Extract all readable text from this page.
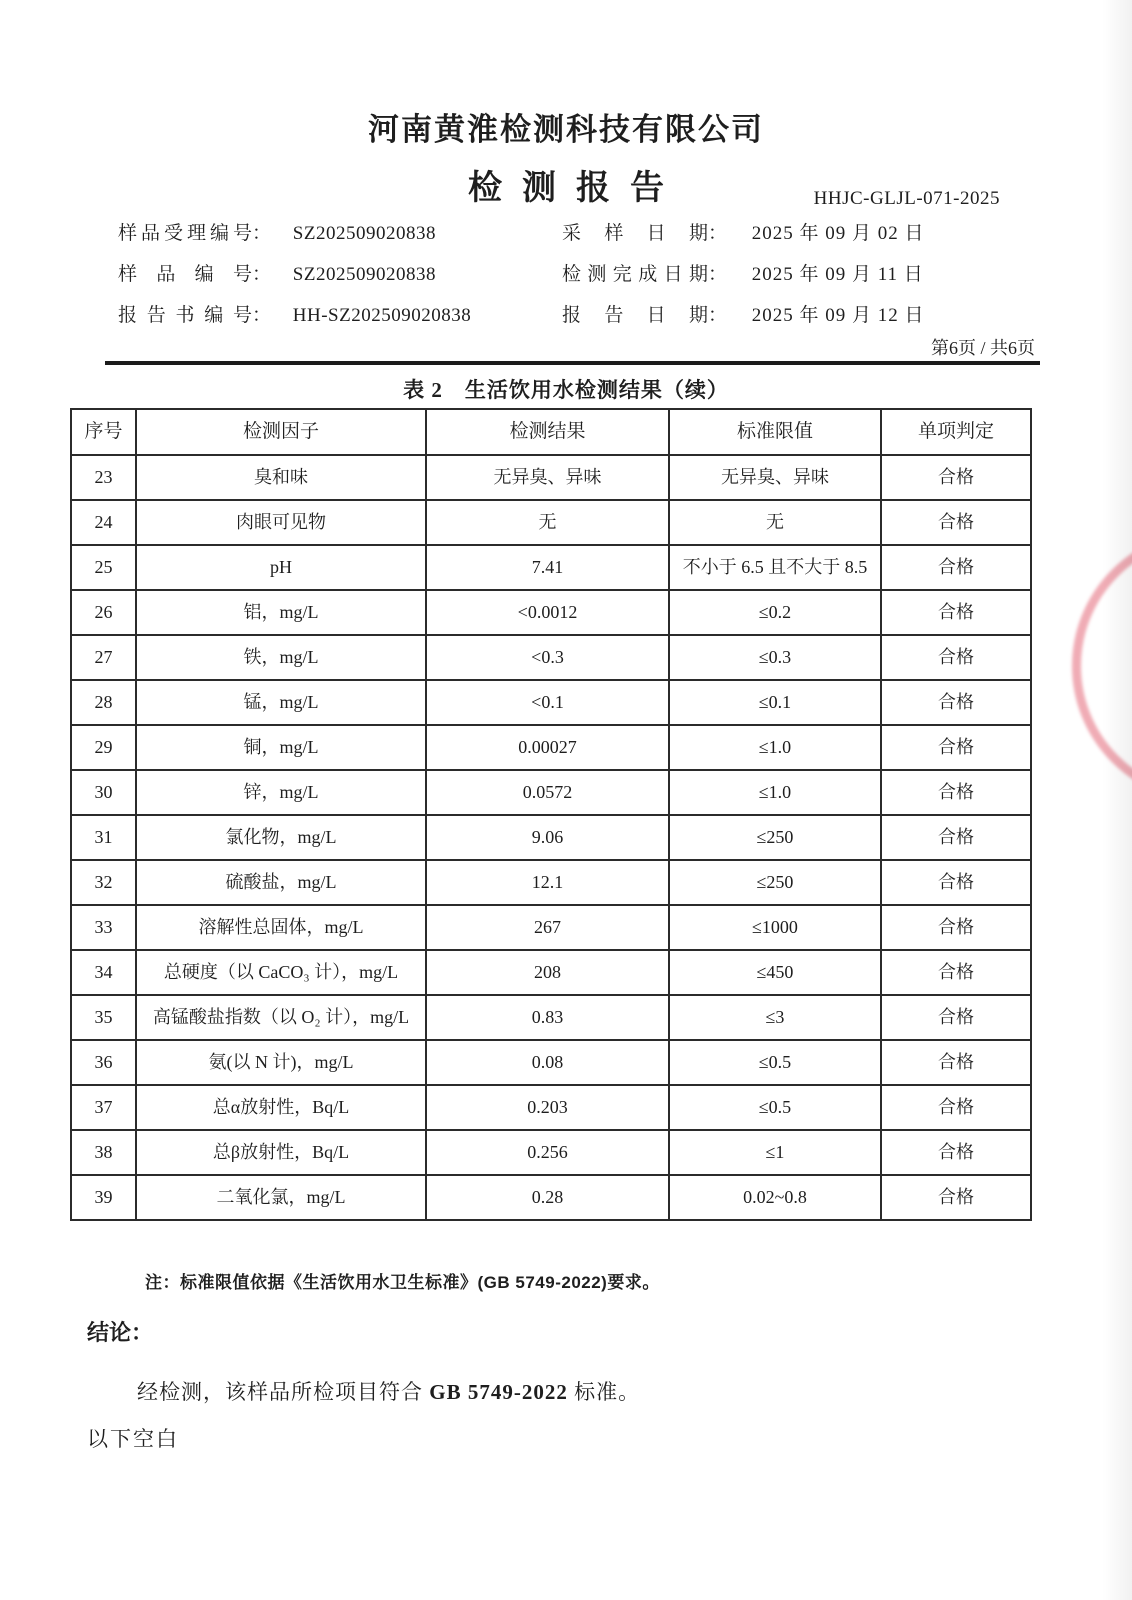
河南黄淮检测科技有限公司
检测报告	HHJC-GLJL-071-2025
样品受理编号： SZ202509020838
样品编号： SZ202509020838
报告书编号： HH-SZ202509020838
采样日期： 2025 年 09 月 02 日
检测完成日期： 2025 年 09 月 11 日
报告日期： 2025 年 09 月 12 日
第6页 / 共6页
表 2　生活饮用水检测结果（续）
序号	检测因子	检测结果	标准限值	单项判定
23	臭和味	无异臭、异味	无异臭、异味	合格
24	肉眼可见物	无	无	合格
25	pH	7.41	不小于 6.5 且不大于 8.5	合格
26	铝，mg/L	<0.0012	≤0.2	合格
27	铁，mg/L	<0.3	≤0.3	合格
28	锰，mg/L	<0.1	≤0.1	合格
29	铜，mg/L	0.00027	≤1.0	合格
30	锌，mg/L	0.0572	≤1.0	合格
31	氯化物，mg/L	9.06	≤250	合格
32	硫酸盐，mg/L	12.1	≤250	合格
33	溶解性总固体，mg/L	267	≤1000	合格
34	总硬度（以 CaCO₃ 计），mg/L	208	≤450	合格
35	高锰酸盐指数（以 O₂ 计），mg/L	0.83	≤3	合格
36	氨(以 N 计)，mg/L	0.08	≤0.5	合格
37	总α放射性，Bq/L	0.203	≤0.5	合格
38	总β放射性，Bq/L	0.256	≤1	合格
39	二氧化氯，mg/L	0.28	0.02~0.8	合格
注：标准限值依据《生活饮用水卫生标准》(GB 5749-2022)要求。
结论：
经检测，该样品所检项目符合 GB 5749-2022 标准。
以下空白
